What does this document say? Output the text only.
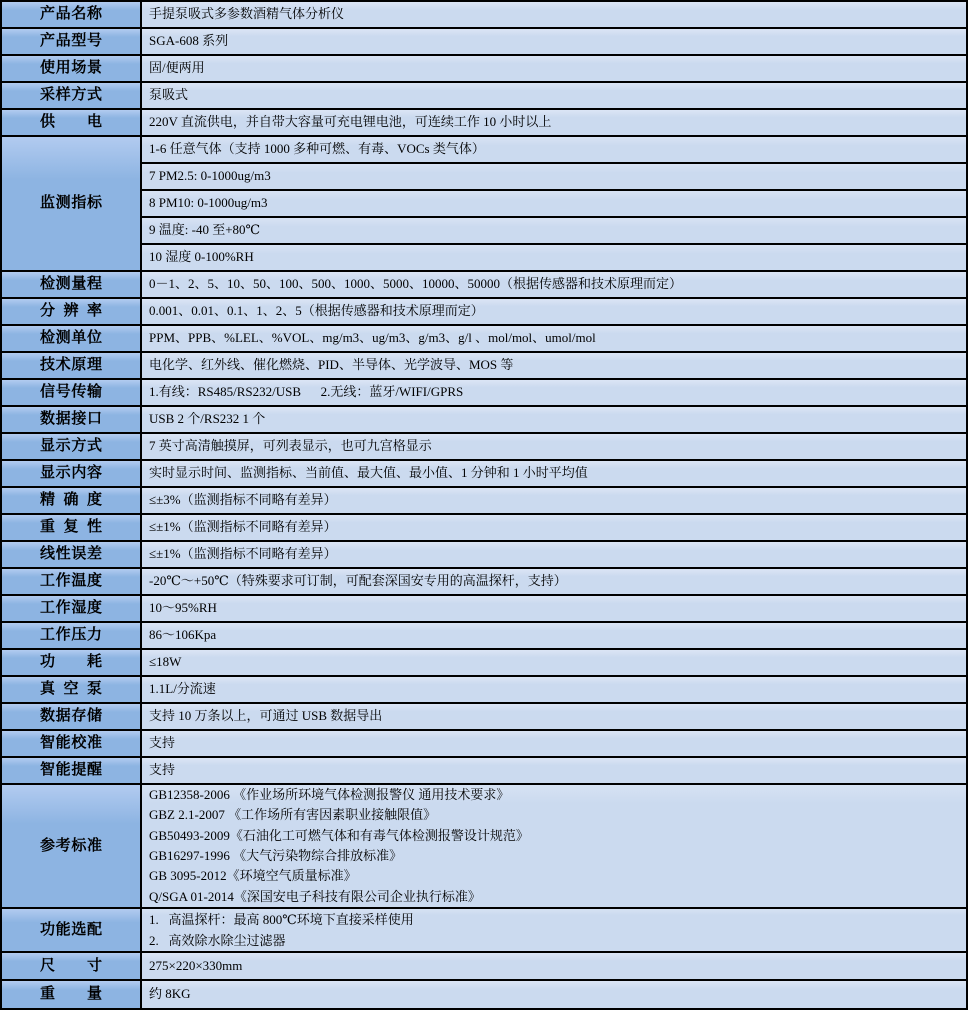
产品名称	手提泵吸式多参数酒精气体分析仪
产品型号	SGA-608 系列
使用场景	固/便两用
采样方式	泵吸式
供电	220V 直流供电，并自带大容量可充电锂电池，可连续工作 10 小时以上
监测指标
1-6 任意气体（支持 1000 多种可燃、有毒、VOCs 类气体）
7 PM2.5: 0-1000ug/m3
8 PM10: 0-1000ug/m3
9 温度: -40 至+80℃
10 湿度 0-100%RH
检测量程	0－1、2、5、10、50、100、500、1000、5000、10000、50000（根据传感器和技术原理而定）
分辨率	0.001、0.01、0.1、1、2、5（根据传感器和技术原理而定）
检测单位	PPM、PPB、%LEL、%VOL、mg/m3、ug/m3、g/m3、g/l 、mol/mol、umol/mol
技术原理	电化学、红外线、催化燃烧、PID、半导体、光学波导、MOS 等
信号传输	1.有线：RS485/RS232/USB      2.无线：蓝牙/WIFI/GPRS
数据接口	USB 2 个/RS232 1 个
显示方式	7 英寸高清触摸屏，可列表显示，也可九宫格显示
显示内容	实时显示时间、监测指标、当前值、最大值、最小值、1 分钟和 1 小时平均值
精确度	≤±3%（监测指标不同略有差异）
重复性	≤±1%（监测指标不同略有差异）
线性误差	≤±1%（监测指标不同略有差异）
工作温度	-20℃～+50℃（特殊要求可订制，可配套深国安专用的高温探杆，支持）
工作湿度	10～95%RH
工作压力	86～106Kpa
功耗	≤18W
真空泵	1.1L/分流速
数据存储	支持 10 万条以上，可通过 USB 数据导出
智能校准	支持
智能提醒	支持
参考标准
GB12358-2006 《作业场所环境气体检测报警仪 通用技术要求》
GBZ 2.1-2007 《工作场所有害因素职业接触限值》
GB50493-2009《石油化工可燃气体和有毒气体检测报警设计规范》
GB16297-1996 《大气污染物综合排放标准》
GB 3095-2012《环境空气质量标准》
Q/SGA 01-2014《深国安电子科技有限公司企业执行标准》
功能选配
1.   高温探杆：最高 800℃环境下直接采样使用
2.   高效除水除尘过滤器
尺寸	275×220×330mm
重量	约 8KG
